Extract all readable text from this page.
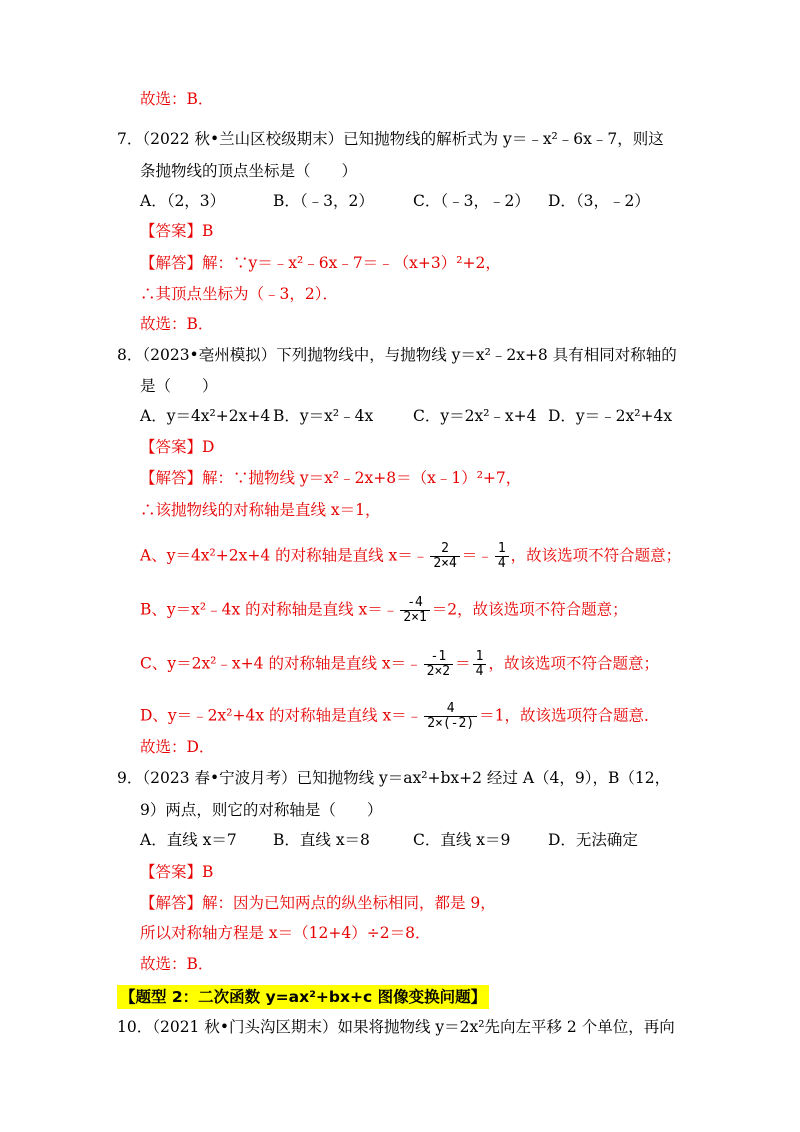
故选：B．
7．（2022 秋•兰山区校级期末）已知抛物线的解析式为 y＝﹣x²﹣6x﹣7，则这
条抛物线的顶点坐标是（　　）
A．（2，3）	B．（﹣3，2）	C．（﹣3，﹣2） D．（3，﹣2）
【答案】B
【解答】解：∵y＝﹣x²﹣6x﹣7＝﹣（x+3）²+2，
∴其顶点坐标为（﹣3，2）．
故选：B．
8．（2023•亳州模拟）下列抛物线中，与抛物线 y＝x²﹣2x+8 具有相同对称轴的
是（　　）
A．y＝4x²+2x+4 B．y＝x²﹣4x	C．y＝2x²﹣x+4 D．y＝﹣2x²+4x
【答案】D
【解答】解：∵抛物线 y＝x²﹣2x+8＝（x﹣1）²+7，
∴该抛物线的对称轴是直线 x＝1，
A、y＝4x²+2x+4 的对称轴是直线 x＝﹣ $\frac{2}{2\times 4}$ ＝﹣ $\frac{1}{4}$ ，故该选项不符合题意；
B、y＝x²﹣4x 的对称轴是直线 x＝﹣ $\frac{-4}{2\times 1} =2$，故该选项不符合题意；
C、y＝2x²﹣x+4 的对称轴是直线 x＝﹣ $\frac{-1}{2\times 2} = \frac{1}{4}$ ，故该选项不符合题意；
D、y＝﹣2x²+4x 的对称轴是直线 x＝﹣ $\frac{4}{2\times(-2)} =1$，故该选项符合题意．
故选：D．
9．（2023 春•宁波月考）已知抛物线 y＝ax²+bx+2 经过 A（4，9），B（12，
9）两点，则它的对称轴是（　　）
A．直线 x＝7 B．直线 x＝8	C．直线 x＝9 D．无法确定
【答案】B
【解答】解：因为已知两点的纵坐标相同，都是 9，
所以对称轴方程是 x＝（12+4）÷2＝8．
故选：B．
【题型 2：二次函数 y=ax²+bx+c 图像变换问题】
10．（2021 秋•门头沟区期末）如果将抛物线 y＝2x²先向左平移 2 个单位，再向
